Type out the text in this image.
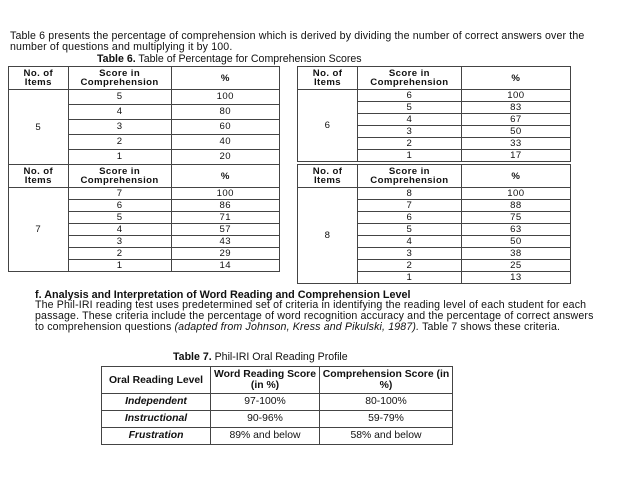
Table 6 presents the percentage of comprehension which is derived by dividing the number of correct answers over the number of questions and multiplying it by 100.
Table 6. Table of Percentage for Comprehension Scores
No. of Items	Score in Comprehension	%
5	5	100
	4	80
	3	60
	2	40
	1	20
No. of Items	Score in Comprehension	%
6	6	100
	5	83
	4	67
	3	50
	2	33
	1	17
No. of Items	Score in Comprehension	%
7	7	100
	6	86
	5	71
	4	57
	3	43
	2	29
	1	14
No. of Items	Score in Comprehension	%
8	8	100
	7	88
	6	75
	5	63
	4	50
	3	38
	2	25
	1	13
f. Analysis and Interpretation of Word Reading and Comprehension Level
The Phil-IRI reading test uses predetermined set of criteria in identifying the reading level of each student for each passage. These criteria include the percentage of word recognition accuracy and the percentage of correct answers to comprehension questions (adapted from Johnson, Kress and Pikulski, 1987). Table 7 shows these criteria.
Table 7. Phil-IRI Oral Reading Profile
Oral Reading Level	Word Reading Score (in %)	Comprehension Score (in %)
Independent	97-100%	80-100%
Instructional	90-96%	59-79%
Frustration	89% and below	58% and below
